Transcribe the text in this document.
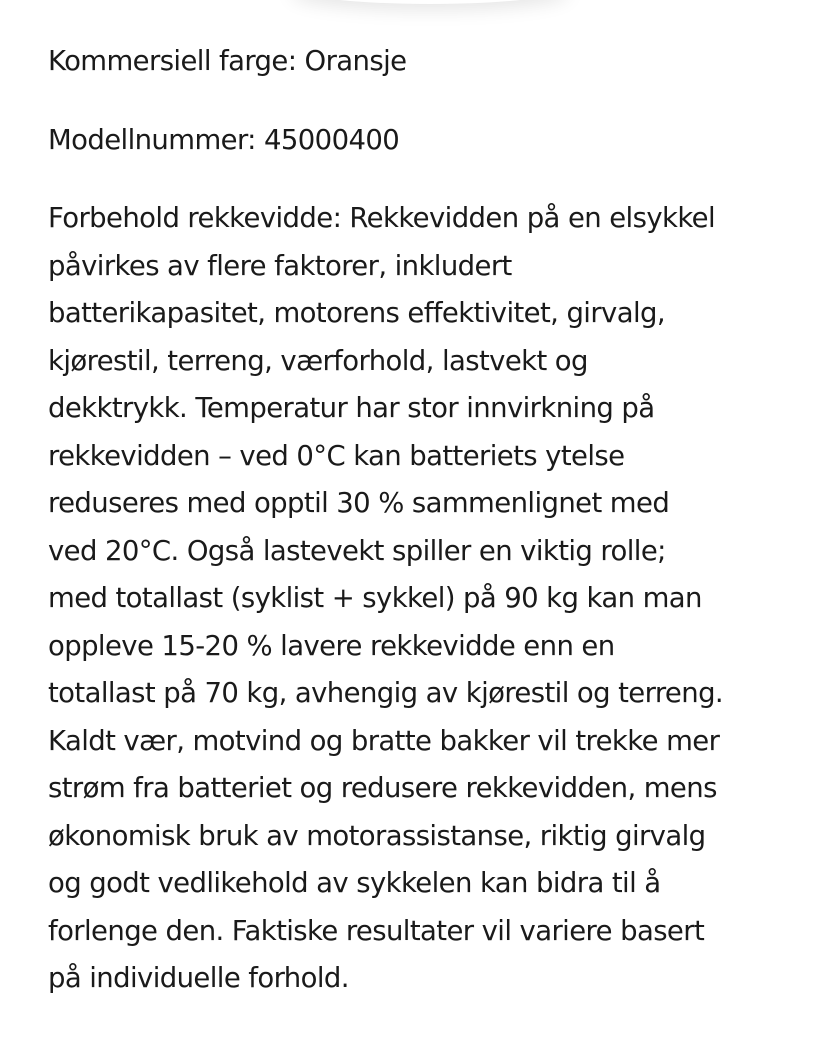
Kommersiell farge: Oransje

Modellnummer: 45000400

Forbehold rekkevidde: Rekkevidden på en elsykkel
påvirkes av flere faktorer, inkludert
batterikapasitet, motorens effektivitet, girvalg,
kjørestil, terreng, værforhold, lastvekt og
dekktrykk. Temperatur har stor innvirkning på
rekkevidden – ved 0°C kan batteriets ytelse
reduseres med opptil 30 % sammenlignet med
ved 20°C. Også lastevekt spiller en viktig rolle;
med totallast (syklist + sykkel) på 90 kg kan man
oppleve 15-20 % lavere rekkevidde enn en
totallast på 70 kg, avhengig av kjørestil og terreng.
Kaldt vær, motvind og bratte bakker vil trekke mer
strøm fra batteriet og redusere rekkevidden, mens
økonomisk bruk av motorassistanse, riktig girvalg
og godt vedlikehold av sykkelen kan bidra til å
forlenge den. Faktiske resultater vil variere basert
på individuelle forhold.
